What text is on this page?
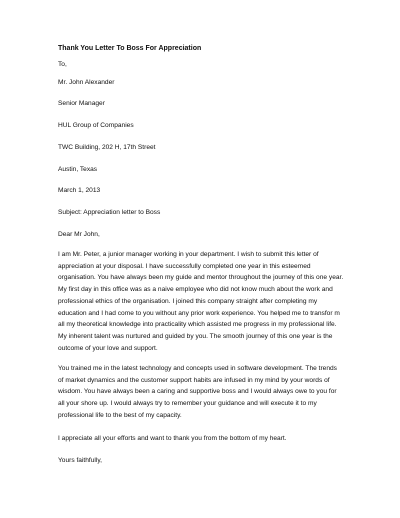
Thank You Letter To Boss For Appreciation
To,
Mr. John Alexander
Senior Manager
HUL Group of Companies
TWC Building, 202 H, 17th Street
Austin, Texas
March 1, 2013
Subject: Appreciation letter to Boss
Dear Mr John,
I am Mr. Peter, a junior manager working in your department. I wish to submit this letter of
appreciation at your disposal. I have successfully completed one year in this esteemed
organisation. You have always been my guide and mentor throughout the journey of this one year.
My first day in this office was as a naive employee who did not know much about the work and
professional ethics of the organisation. I joined this company straight after completing my
education and I had come to you without any prior work experience. You helped me to transfor m
all my theoretical knowledge into practicality which assisted me progress in my professional life.
My inherent talent was nurtured and guided by you. The smooth journey of this one year is the
outcome of your love and support.
You trained me in the latest technology and concepts used in software development. The trends
of market dynamics and the customer support habits are infused in my mind by your words of
wisdom. You have always been a caring and supportive boss and I would always owe to you for
all your shore up. I would always try to remember your guidance and will execute it to my
professional life to the best of my capacity.
I appreciate all your efforts and want to thank you from the bottom of my heart.
Yours faithfully,
